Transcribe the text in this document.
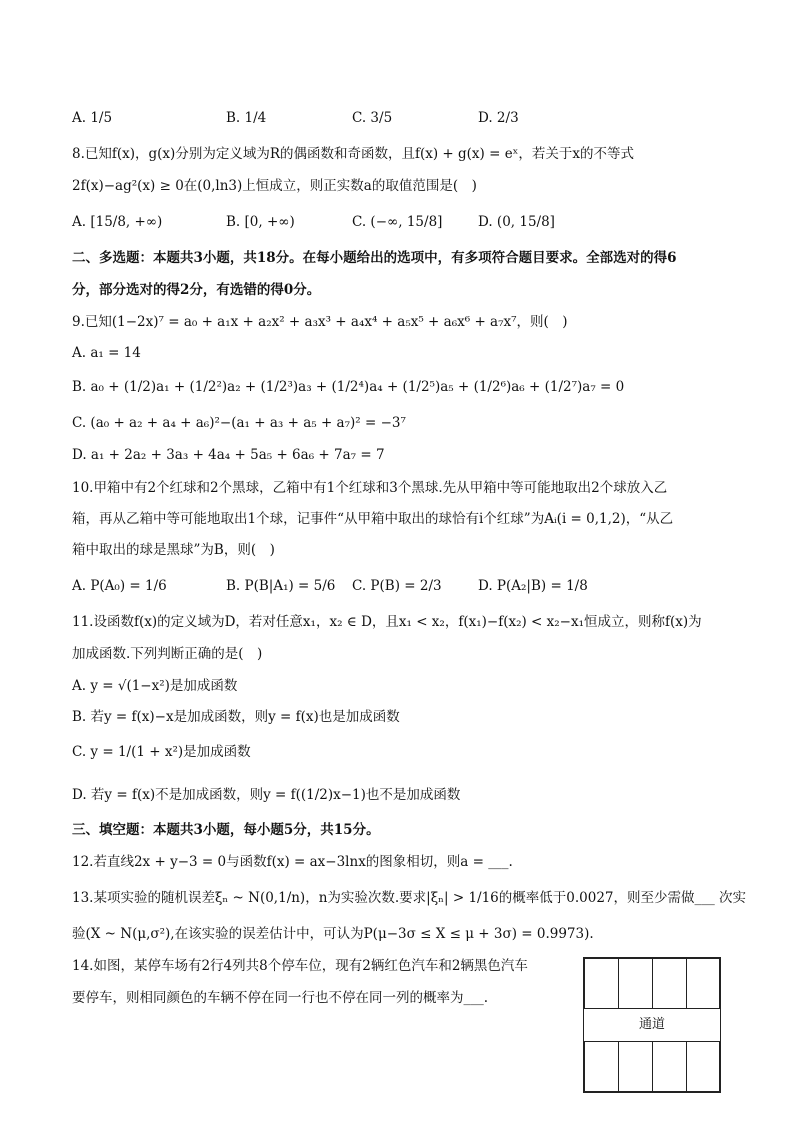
A. 1/5	B. 1/4	C. 3/5	D. 2/3
8.已知f(x)，g(x)分别为定义域为R的偶函数和奇函数，且f(x) + g(x) = eˣ，若关于x的不等式
2f(x)−ag²(x) ≥ 0在(0,ln3)上恒成立，则正实数a的取值范围是(　)
A. [15/8, +∞)	B. [0, +∞)	C. (−∞, 15/8]	D. (0, 15/8]
二、多选题：本题共3小题，共18分。在每小题给出的选项中，有多项符合题目要求。全部选对的得6
分，部分选对的得2分，有选错的得0分。
9.已知(1−2x)⁷ = a₀ + a₁x + a₂x² + a₃x³ + a₄x⁴ + a₅x⁵ + a₆x⁶ + a₇x⁷，则(　)
A. a₁ = 14
B. a₀ + (1/2)a₁ + (1/2²)a₂ + (1/2³)a₃ + (1/2⁴)a₄ + (1/2⁵)a₅ + (1/2⁶)a₆ + (1/2⁷)a₇ = 0
C. (a₀ + a₂ + a₄ + a₆)²−(a₁ + a₃ + a₅ + a₇)² = −3⁷
D. a₁ + 2a₂ + 3a₃ + 4a₄ + 5a₅ + 6a₆ + 7a₇ = 7
10.甲箱中有2个红球和2个黑球，乙箱中有1个红球和3个黑球.先从甲箱中等可能地取出2个球放入乙
箱，再从乙箱中等可能地取出1个球，记事件“从甲箱中取出的球恰有i个红球”为Aᵢ(i = 0,1,2)，“从乙
箱中取出的球是黑球”为B，则(　)
A. P(A₀) = 1/6	B. P(B|A₁) = 5/6 C. P(B) = 2/3	D. P(A₂|B) = 1/8
11.设函数f(x)的定义域为D，若对任意x₁，x₂ ∈ D，且x₁ < x₂，f(x₁)−f(x₂) < x₂−x₁恒成立，则称f(x)为
加成函数.下列判断正确的是(　)
A. y = √(1−x²)是加成函数
B. 若y = f(x)−x是加成函数，则y = f(x)也是加成函数
C. y = 1/(1 + x²)是加成函数
D. 若y = f(x)不是加成函数，则y = f((1/2)x−1)也不是加成函数
三、填空题：本题共3小题，每小题5分，共15分。
12.若直线2x + y−3 = 0与函数f(x) = ax−3lnx的图象相切，则a = ___.
13.某项实验的随机误差ξₙ ~ N(0,1/n)，n为实验次数.要求|ξₙ| > 1/16的概率低于0.0027，则至少需做___ 次实
验(X ~ N(μ,σ²),在该实验的误差估计中，可认为P(μ−3σ ≤ X ≤ μ + 3σ) = 0.9973).
14.如图，某停车场有2行4列共8个停车位，现有2辆红色汽车和2辆黑色汽车
要停车，则相同颜色的车辆不停在同一行也不停在同一列的概率为___.
通道
